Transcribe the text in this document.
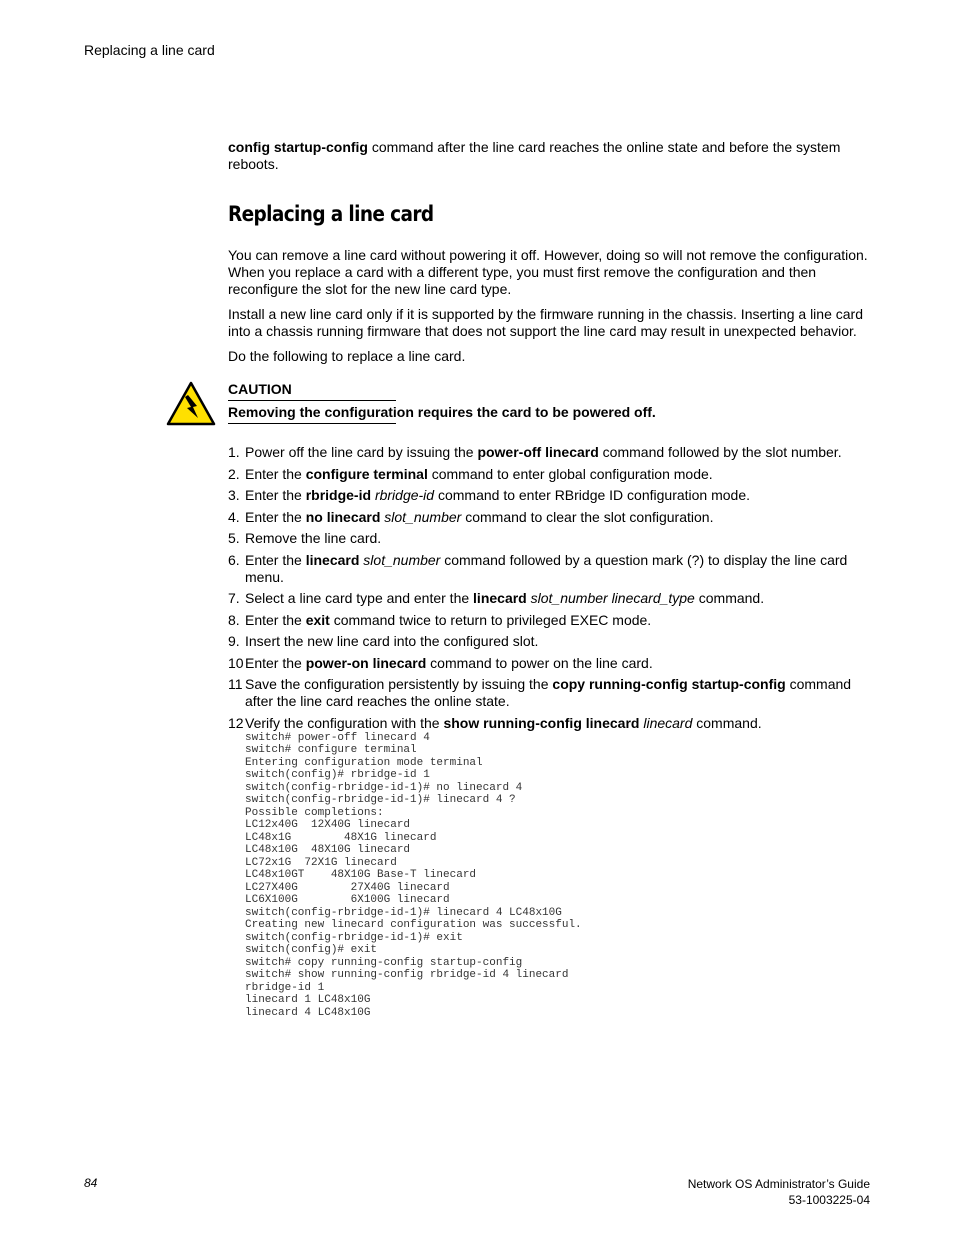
Replacing a line card

config startup-config command after the line card reaches the online state and before the system reboots.

Replacing a line card

You can remove a line card without powering it off. However, doing so will not remove the configuration. When you replace a card with a different type, you must first remove the configuration and then reconfigure the slot for the new line card type.

Install a new line card only if it is supported by the firmware running in the chassis. Inserting a line card into a chassis running firmware that does not support the line card may result in unexpected behavior.

Do the following to replace a line card.

CAUTION
Removing the configuration requires the card to be powered off.
1. Power off the line card by issuing the power-off linecard command followed by the slot number.
2. Enter the configure terminal command to enter global configuration mode.
3. Enter the rbridge-id rbridge-id command to enter RBridge ID configuration mode.
4. Enter the no linecard slot_number command to clear the slot configuration.
5. Remove the line card.
6. Enter the linecard slot_number command followed by a question mark (?) to display the line card menu.
7. Select a line card type and enter the linecard slot_number linecard_type command.
8. Enter the exit command twice to return to privileged EXEC mode.
9. Insert the new line card into the configured slot.
10 Enter the power-on linecard command to power on the line card.
11 Save the configuration persistently by issuing the copy running-config startup-config command after the line card reaches the online state.
12 Verify the configuration with the show running-config linecard linecard command.
switch# power-off linecard 4
switch# configure terminal
Entering configuration mode terminal
switch(config)# rbridge-id 1
switch(config-rbridge-id-1)# no linecard 4
switch(config-rbridge-id-1)# linecard 4 ?
Possible completions:
LC12x40G  12X40G linecard
LC48x1G        48X1G linecard
LC48x10G  48X10G linecard
LC72x1G  72X1G linecard
LC48x10GT    48X10G Base-T linecard
LC27X40G        27X40G linecard
LC6X100G        6X100G linecard
switch(config-rbridge-id-1)# linecard 4 LC48x10G
Creating new linecard configuration was successful.
switch(config-rbridge-id-1)# exit
switch(config)# exit
switch# copy running-config startup-config
switch# show running-config rbridge-id 4 linecard
rbridge-id 1
linecard 1 LC48x10G
linecard 4 LC48x10G
84	Network OS Administrator’s Guide
53-1003225-04
